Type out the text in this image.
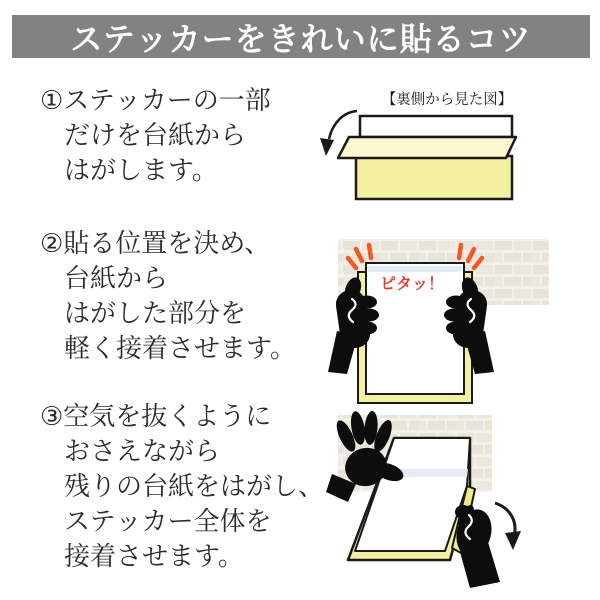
ステッカーをきれいに貼るコツ
①ステッカーの一部
だけを台紙から
はがします。
②貼る位置を決め、
台紙から
はがした部分を
軽く接着させます。
③空気を抜くように
おさえながら
残りの台紙をはがし、
ステッカー全体を
接着させます。
【裏側から見た図】
ピタッ！
